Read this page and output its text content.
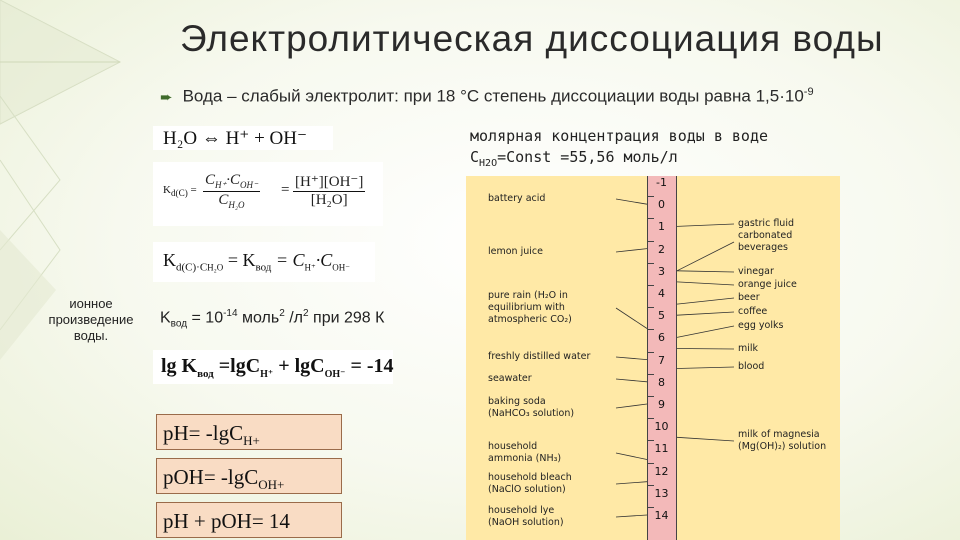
Электролитическая диссоциация воды
➨ Вода – слабый электролит: при 18 °C степень диссоциации воды равна $1,5\cdot 10^{-9}$
H₂O ⇔ H⁺ + OH⁻
$K_{d(C)}$ =
$C_{H^+}\cdot C_{OH^-}$
$C_{H_2O}$
= $\frac{[H^+][OH^-]}{\text{[H₂O]}}$
$K_{d(C)\cdot CH_2O} = K_{вод} = C_{H^+}\cdot C_{OH^-}$
ионное произведение воды.
$K_{вод} = 10^{-14}$ моль$^2$ $/л^2$ при 298 К
$\lg K_{вод} =\lg C_{H^+} + \lg C_{OH^-} = -14$
молярная концентрация воды в воде
$C_{H2O}=Const =55,56$ моль/л
pH= -lgC$_{H+}$
pOH= -lgC$_{OH+}$
pH + pOH= 14
-1
0
1
2
3
4
5
6
7
8
9
10
11
12
13
14
battery acid
lemon juice
pure rain (H₂O in
equilibrium with
atmospheric CO₂)
freshly distilled water
seawater
baking soda
(NaHCO₃ solution)
household
ammonia (NH₃)
household bleach
(NaClO solution)
household lye
(NaOH solution)
gastric fluid
carbonated
beverages
vinegar
orange juice
beer
coffee
egg yolks
milk
blood
milk of magnesia
(Mg(OH)₂) solution
